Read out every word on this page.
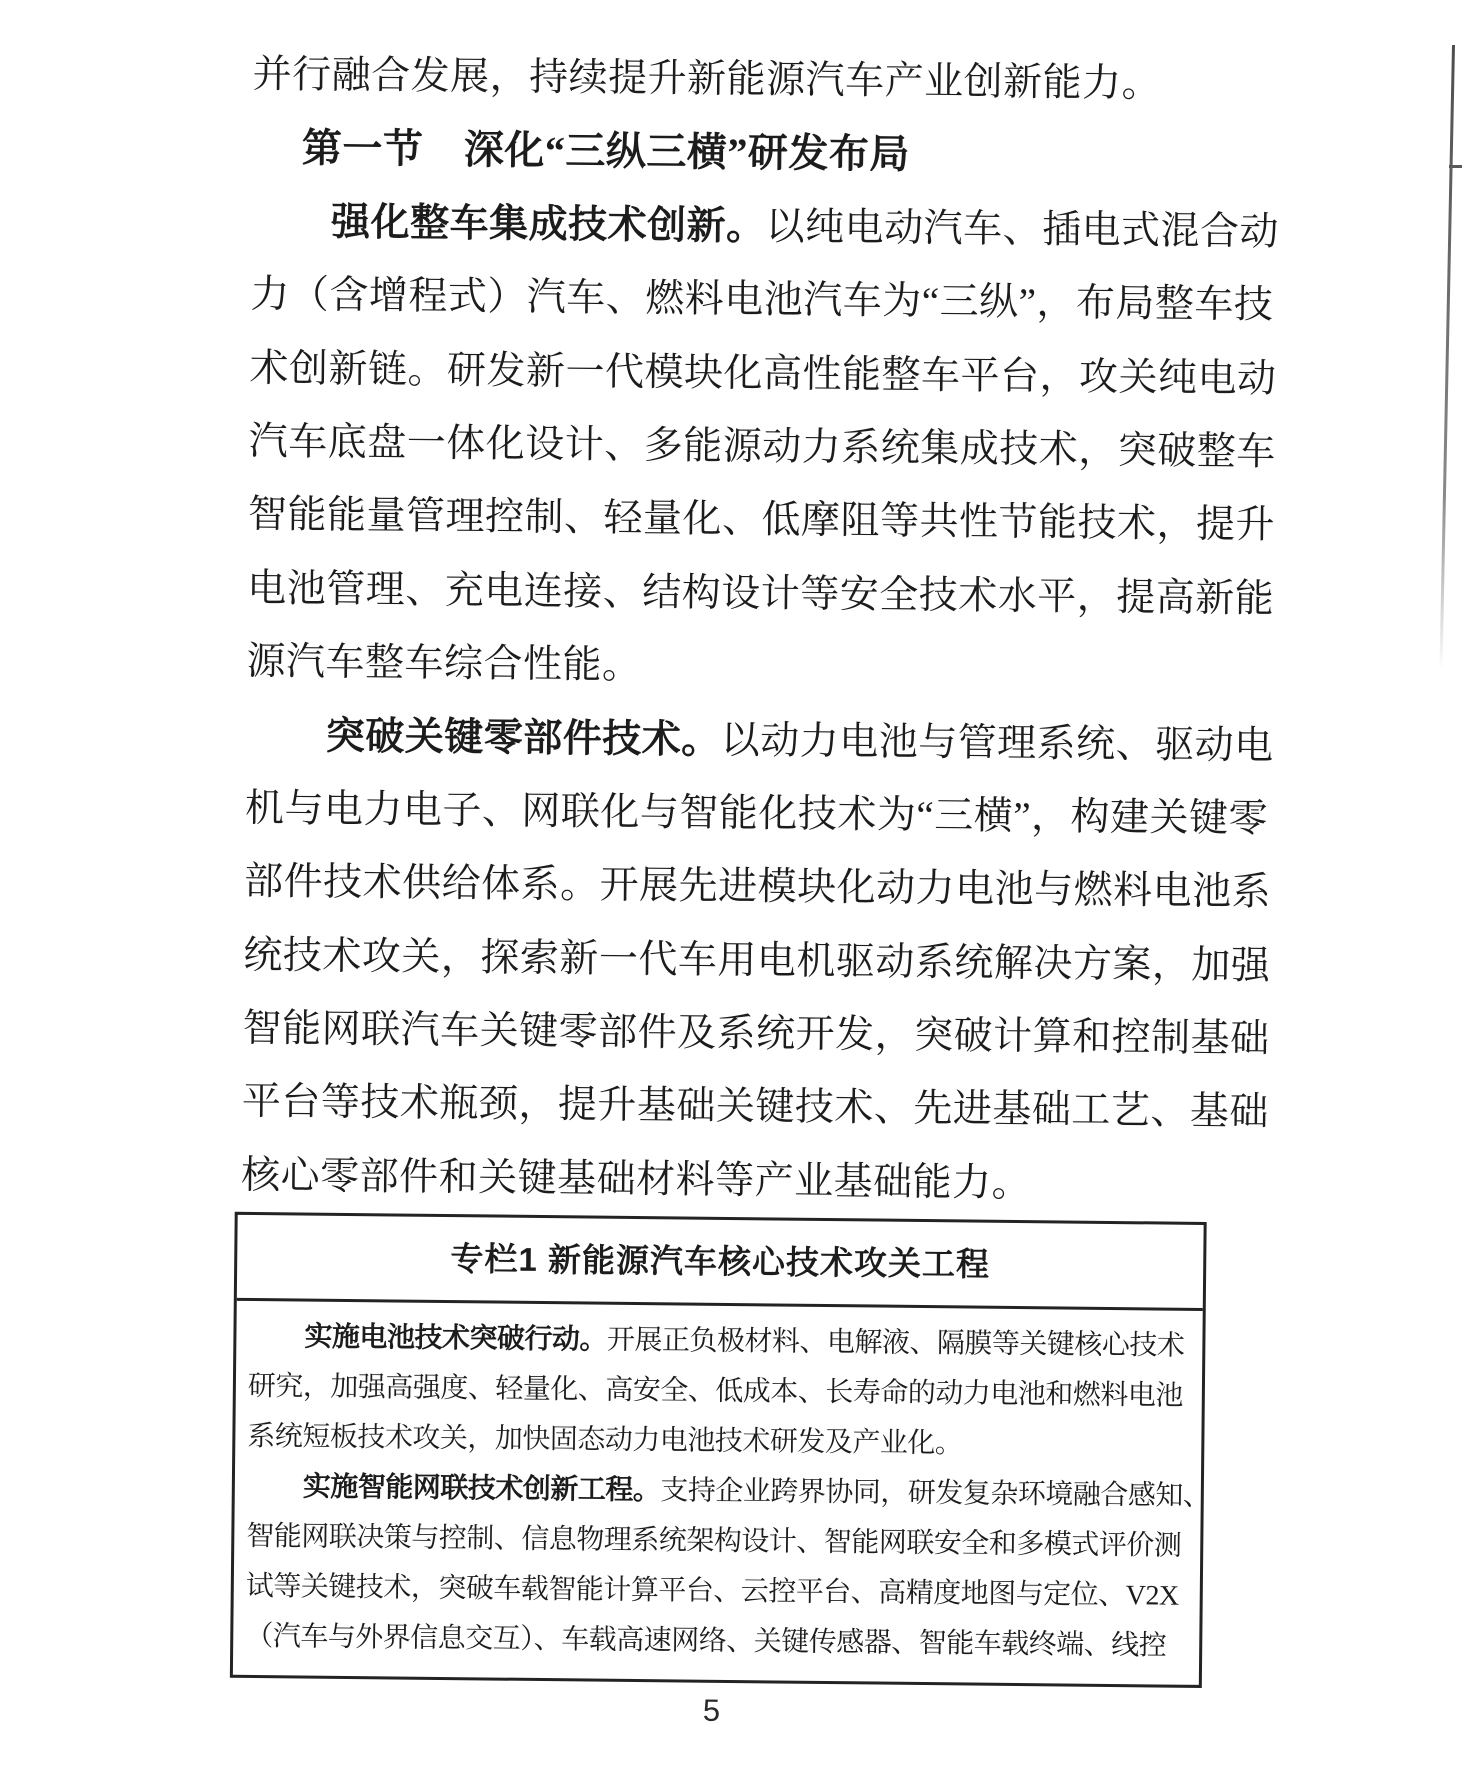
并行融合发展，持续提升新能源汽车产业创新能力。
第一节　深化“三纵三横”研发布局
强化整车集成技术创新。以纯电动汽车、插电式混合动
力（含增程式）汽车、燃料电池汽车为“三纵”，布局整车技
术创新链。研发新一代模块化高性能整车平台，攻关纯电动
汽车底盘一体化设计、多能源动力系统集成技术，突破整车
智能能量管理控制、轻量化、低摩阻等共性节能技术，提升
电池管理、充电连接、结构设计等安全技术水平，提高新能
源汽车整车综合性能。
突破关键零部件技术。以动力电池与管理系统、驱动电
机与电力电子、网联化与智能化技术为“三横”，构建关键零
部件技术供给体系。开展先进模块化动力电池与燃料电池系
统技术攻关，探索新一代车用电机驱动系统解决方案，加强
智能网联汽车关键零部件及系统开发，突破计算和控制基础
平台等技术瓶颈，提升基础关键技术、先进基础工艺、基础
核心零部件和关键基础材料等产业基础能力。
专栏1 新能源汽车核心技术攻关工程
实施电池技术突破行动。开展正负极材料、电解液、隔膜等关键核心技术
研究，加强高强度、轻量化、高安全、低成本、长寿命的动力电池和燃料电池
系统短板技术攻关，加快固态动力电池技术研发及产业化。
实施智能网联技术创新工程。支持企业跨界协同，研发复杂环境融合感知、
智能网联决策与控制、信息物理系统架构设计、智能网联安全和多模式评价测
试等关键技术，突破车载智能计算平台、云控平台、高精度地图与定位、V2X
（汽车与外界信息交互）、车载高速网络、关键传感器、智能车载终端、线控
5
